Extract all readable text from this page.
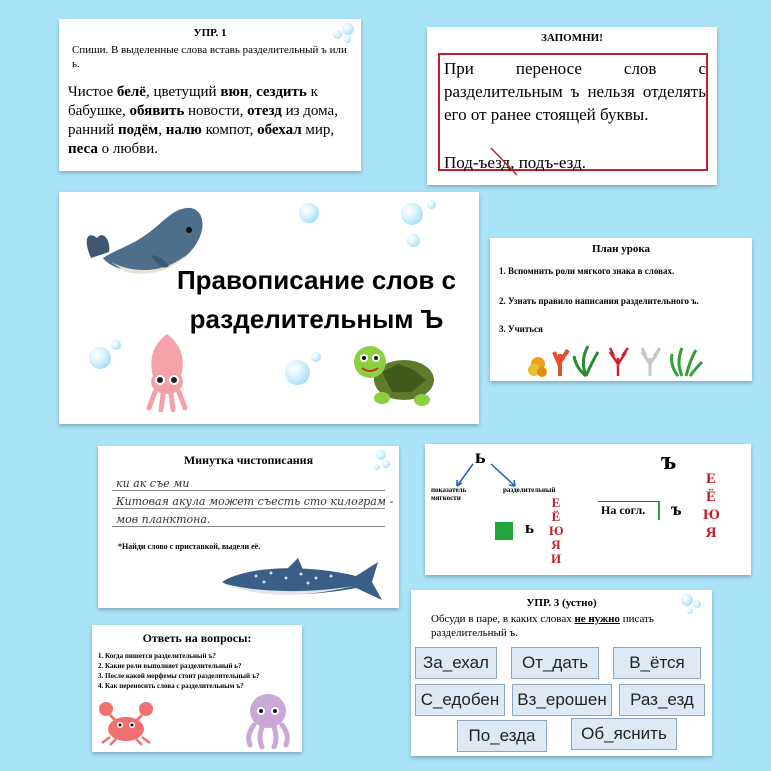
УПР. 1
Спиши. В выделенные слова вставь разделительный ъ или ь.
Чистое белё, цветущий вюн, сездить к бабушке, обявить новости, отезд из дома, ранний подём, налю компот, обехал мир, песа о любви.
ЗАПОМНИ!
При переносе слов с разделительным ъ нельзя отделять его от ранее стоящей буквы.
Под-ъезд, подъ-езд.
Правописание слов с
разделительным Ъ
План урока
1. Вспомнить роли мягкого знака в словах.
2. Узнать правило написания разделительного ъ.
3. Учиться
Минутка чистописания
ки ак съе ми
Китовая акула может съесть сто килограм -
мов планктона.
*Найди слово с приставкой, выдели её.
ь
показатель мягкости
разделительный
ь
Е
Ё
Ю
Я
И
ъ
На согл. ъ
Е
Ё
Ю
Я
УПР. 3 (устно)
Обсуди в паре, в каких словах не нужно писать разделительный ъ.
За_ехал	От_дать	В_ётся
С_едобен	Вз_ерошен	Раз_езд
По_езда	Об_яснить
Ответь на вопросы:
1. Когда пишется разделительный ъ?
2. Какие роли выполняет разделительный ь?
3. После какой морфемы стоит разделительный ъ?
4. Как переносить слова с разделительным ъ?
